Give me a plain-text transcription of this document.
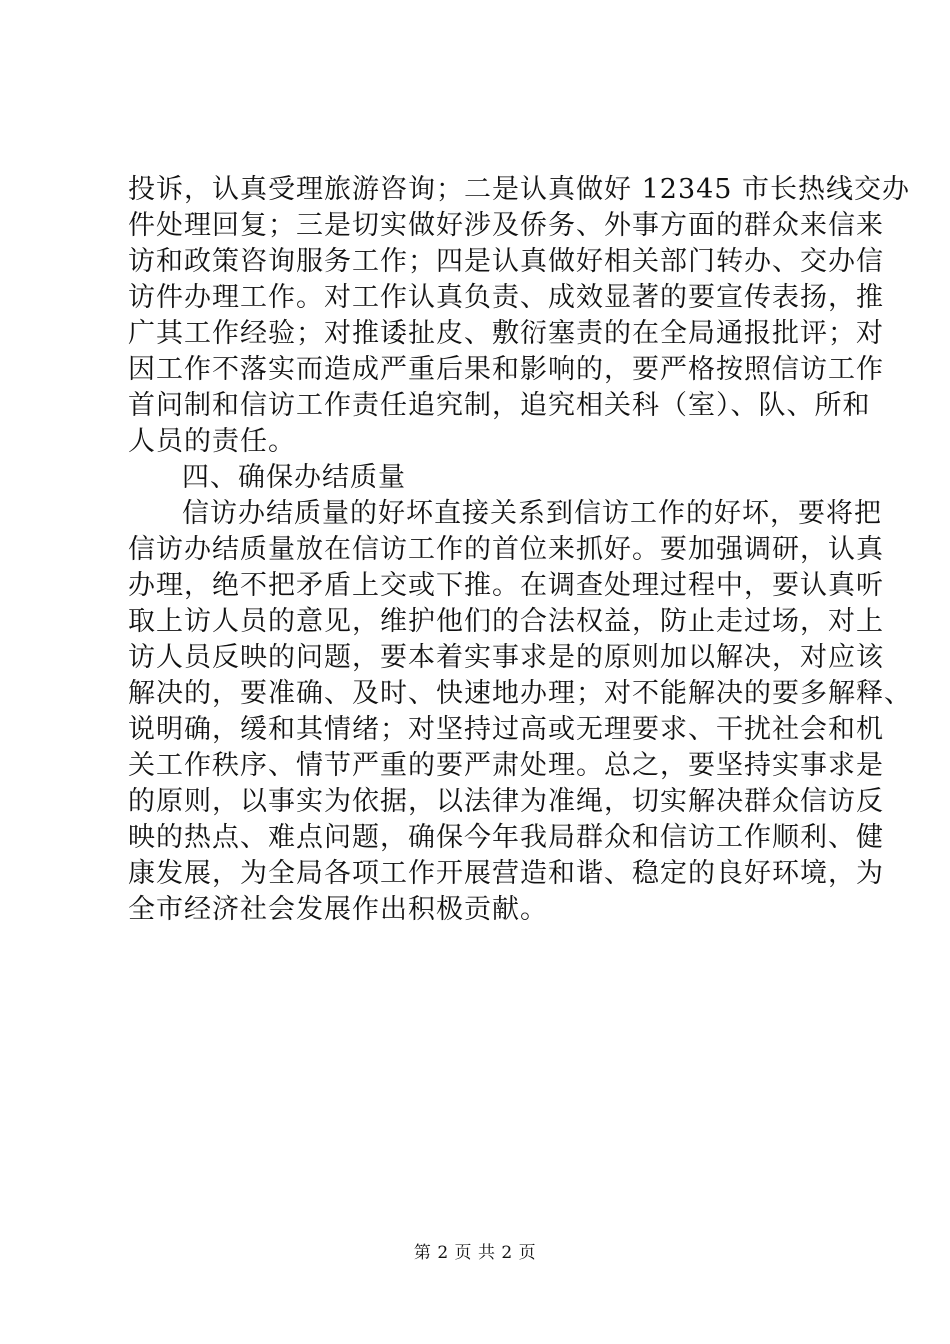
投诉，认真受理旅游咨询；二是认真做好 12345 市长热线交办
件处理回复；三是切实做好涉及侨务、外事方面的群众来信来
访和政策咨询服务工作；四是认真做好相关部门转办、交办信
访件办理工作。对工作认真负责、成效显著的要宣传表扬，推
广其工作经验；对推诿扯皮、敷衍塞责的在全局通报批评；对
因工作不落实而造成严重后果和影响的，要严格按照信访工作
首问制和信访工作责任追究制，追究相关科（室）、队、所和
人员的责任。
四、确保办结质量
信访办结质量的好坏直接关系到信访工作的好坏，要将把
信访办结质量放在信访工作的首位来抓好。要加强调研，认真
办理，绝不把矛盾上交或下推。在调查处理过程中，要认真听
取上访人员的意见，维护他们的合法权益，防止走过场，对上
访人员反映的问题，要本着实事求是的原则加以解决，对应该
解决的，要准确、及时、快速地办理；对不能解决的要多解释、
说明确，缓和其情绪；对坚持过高或无理要求、干扰社会和机
关工作秩序、情节严重的要严肃处理。总之，要坚持实事求是
的原则，以事实为依据，以法律为准绳，切实解决群众信访反
映的热点、难点问题，确保今年我局群众和信访工作顺利、健
康发展，为全局各项工作开展营造和谐、稳定的良好环境，为
全市经济社会发展作出积极贡献。
第 2 页 共 2 页
